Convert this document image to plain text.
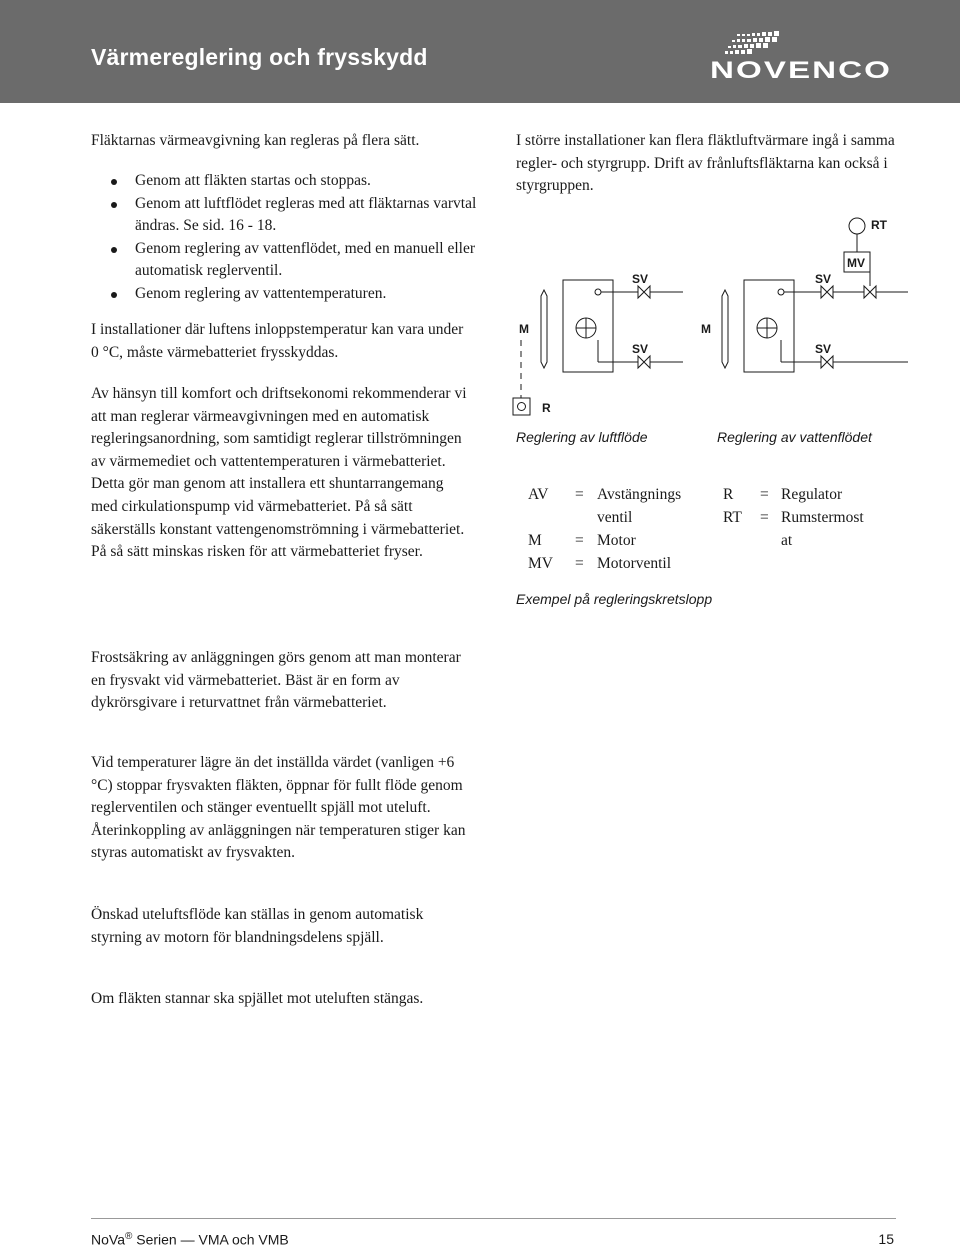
Värmereglering och frysskydd	NOVENCO

Fläktarnas värmeavgivning kan regleras på flera sätt.

Genom att fläkten startas och stoppas.
Genom att luftflödet regleras med att fläktarnas varvtal ändras. Se sid. 16 - 18.
Genom reglering av vattenflödet, med en manuell eller automatisk reglerventil.
Genom reglering av vattentemperaturen.

I installationer där luftens inloppstemperatur kan vara under 0 °C, måste värmebatteriet frysskyddas.

Av hänsyn till komfort och driftsekonomi rekommenderar vi att man reglerar värmeavgivningen med en automatisk regleringsanordning, som samtidigt reglerar tillströmningen av värmemediet och vattentemperaturen i värmebatteriet. Detta gör man genom att installera ett shuntarrangemang med cirkulationspump vid värmebatteriet. På så sätt säkerställs konstant vattengenomströmning i värmebatteriet. På så sätt minskas risken för att värmebatteriet fryser.

Frostsäkring av anläggningen görs genom att man monterar en frysvakt vid värmebatteriet. Bäst är en form av dykrörsgivare i returvattnet från värmebatteriet.

Vid temperaturer lägre än det inställda värdet (vanligen +6 °C) stoppar frysvakten fläkten, öppnar för fullt flöde genom reglerventilen och stänger eventuellt spjäll mot uteluft. Återinkoppling av anläggningen när temperaturen stiger kan styras automatiskt av frysvakten.

Önskad uteluftsflöde kan ställas in genom automatisk styrning av motorn för blandningsdelens spjäll.

Om fläkten stannar ska spjället mot uteluften stängas.

I större installationer kan flera fläktluftvärmare ingå i samma regler- och styrgrupp. Drift av frånluftsfläktarna kan också i styrgruppen.

M	M
R
SV
SV
SV
SV
MV
RT
Reglering av luftflöde	Reglering av vattenflödet
AV = Avstängnings
ventil
M = Motor
MV = Motorventil
R = Regulator
RT = Rumstermost
at
Exempel på regleringskretslopp
NoVa® Serien — VMA och VMB	15
